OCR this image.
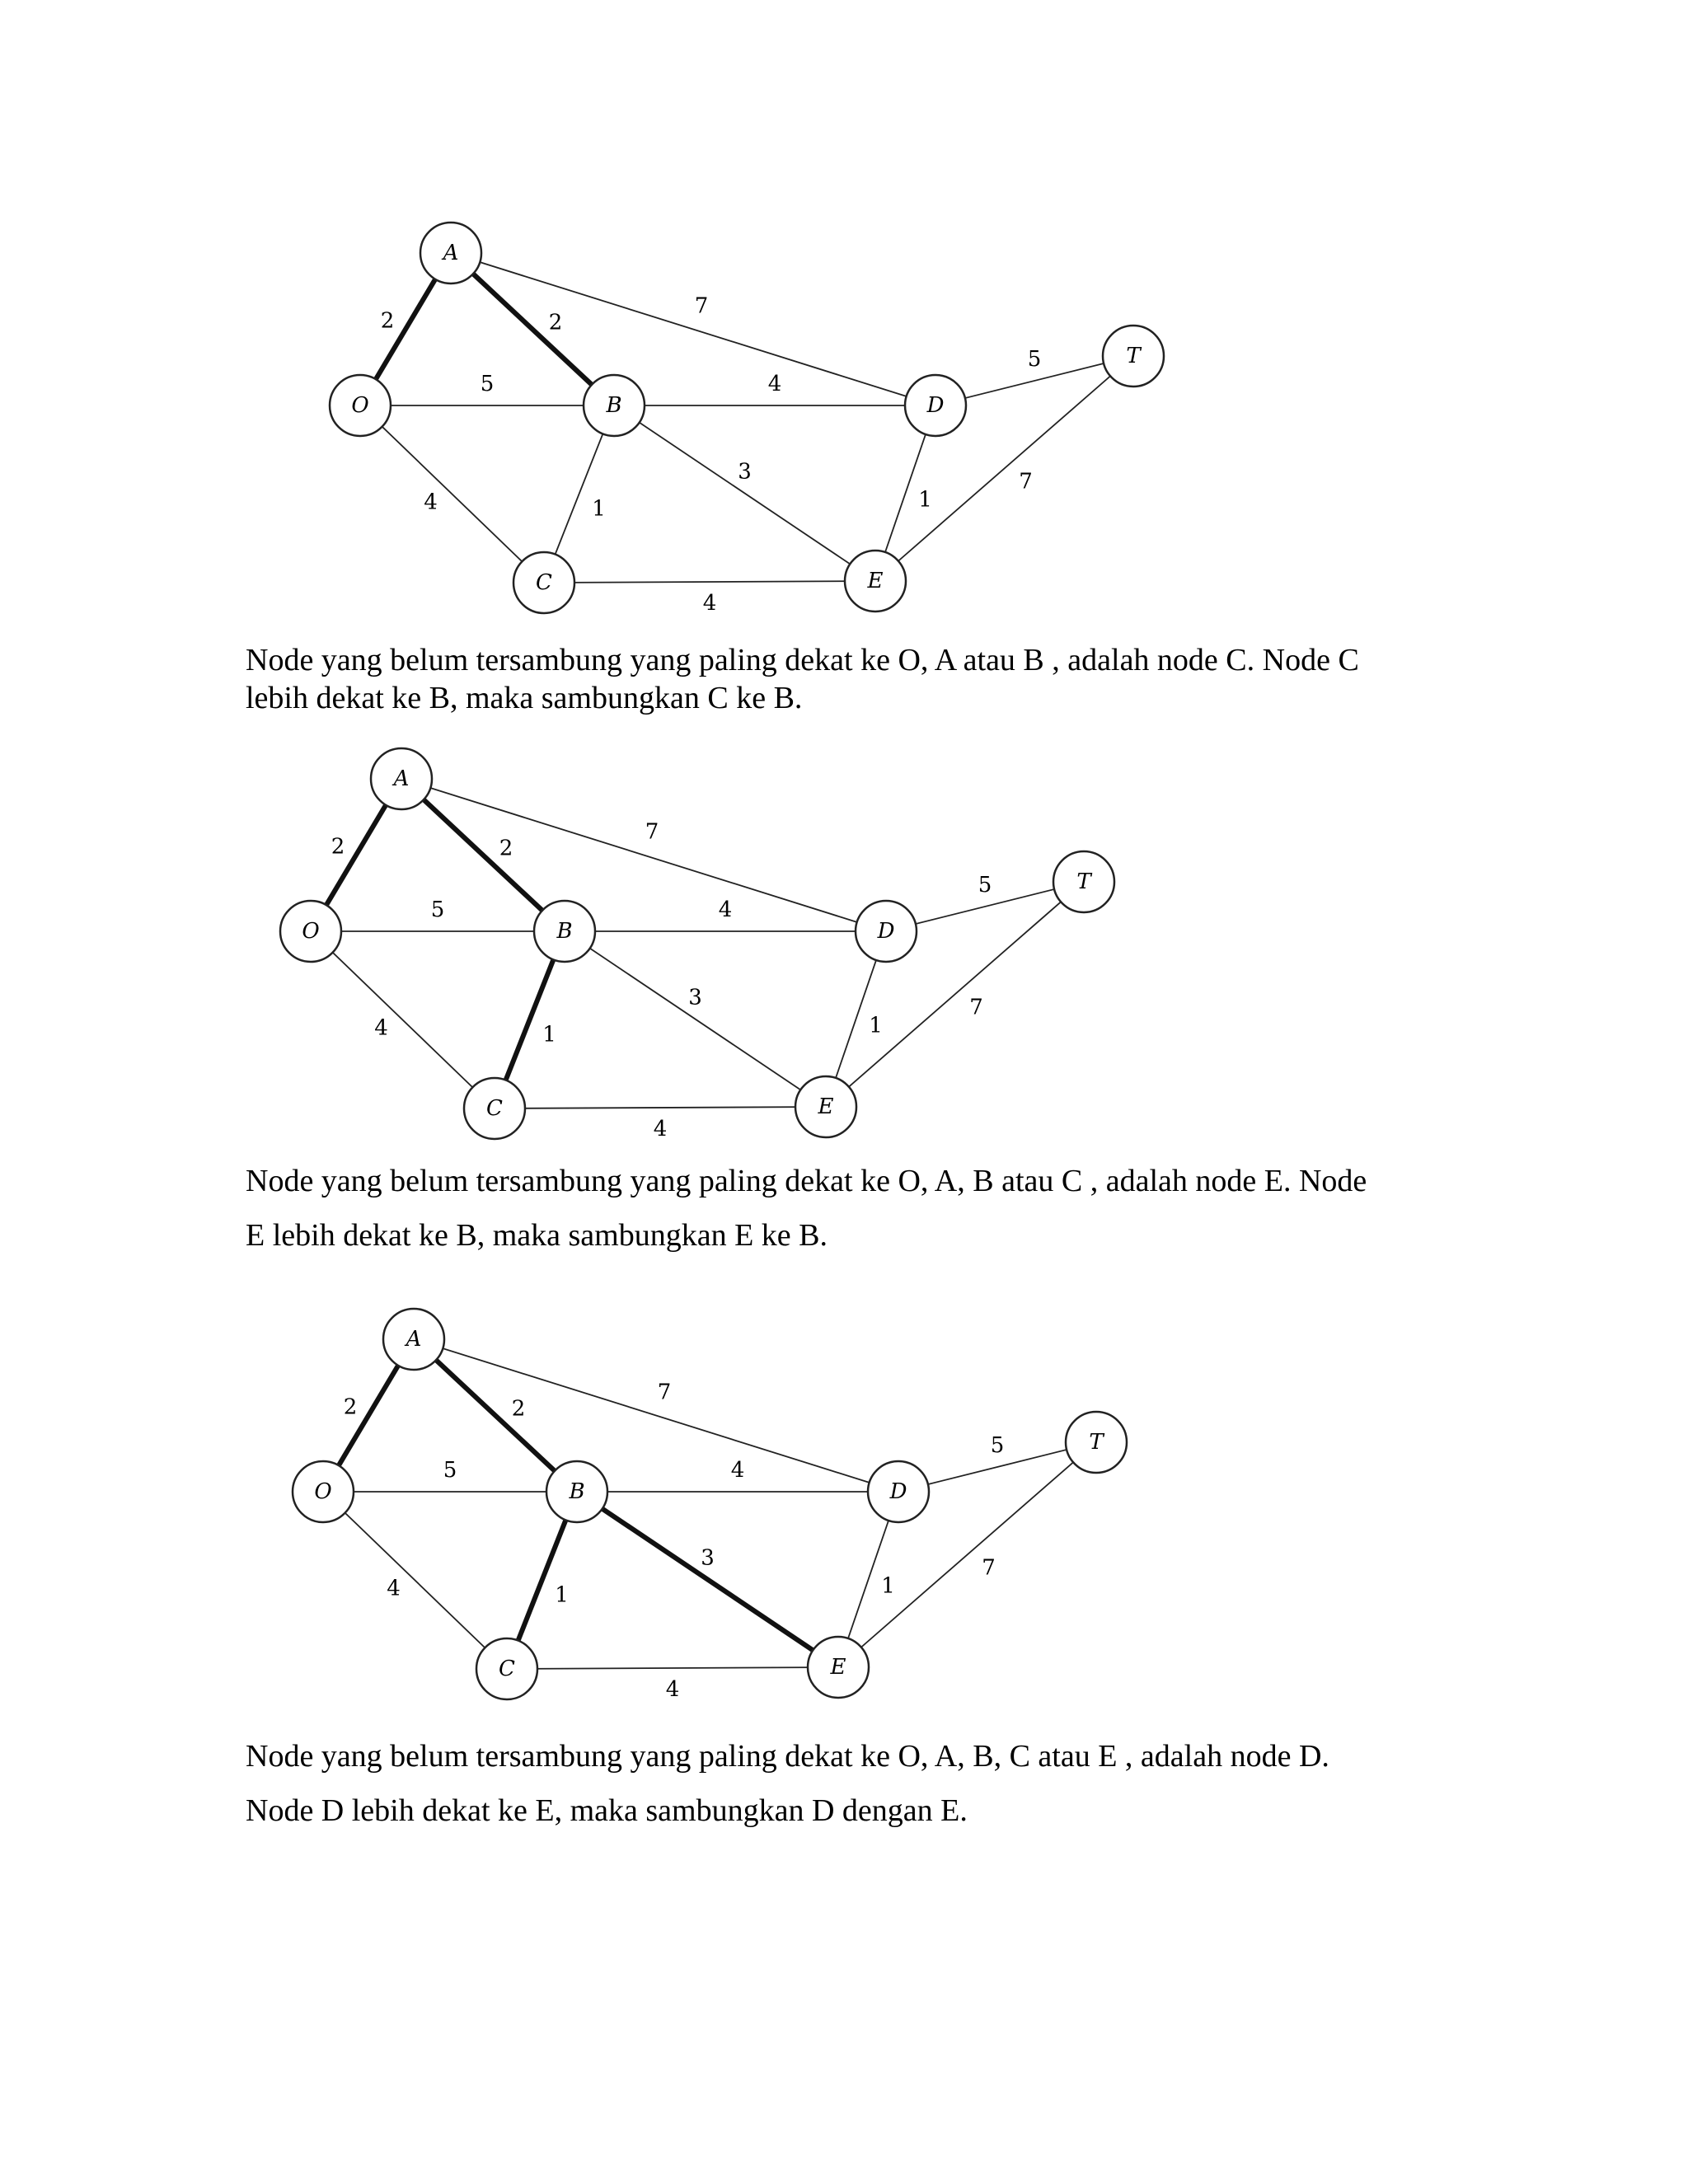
2
5
4
2
7
1
4
3
4
1
5
7
O
A
B
C
D
E
T

Node yang belum tersambung yang paling dekat ke O, A atau B , adalah node C. Node C
lebih dekat ke B, maka sambungkan C ke B.

2
5
4
2
7
1
4
3
4
1
5
7
O
A
B
C
D
E
T

Node yang belum tersambung yang paling dekat ke O, A, B atau C , adalah node E. Node
E lebih dekat ke B, maka sambungkan E ke B.

2
5
4
2
7
1
4
3
4
1
5
7
O
A
B
C
D
E
T

Node yang belum tersambung yang paling dekat ke O, A, B, C atau E , adalah node D.
Node D lebih dekat ke E, maka sambungkan D dengan E.
